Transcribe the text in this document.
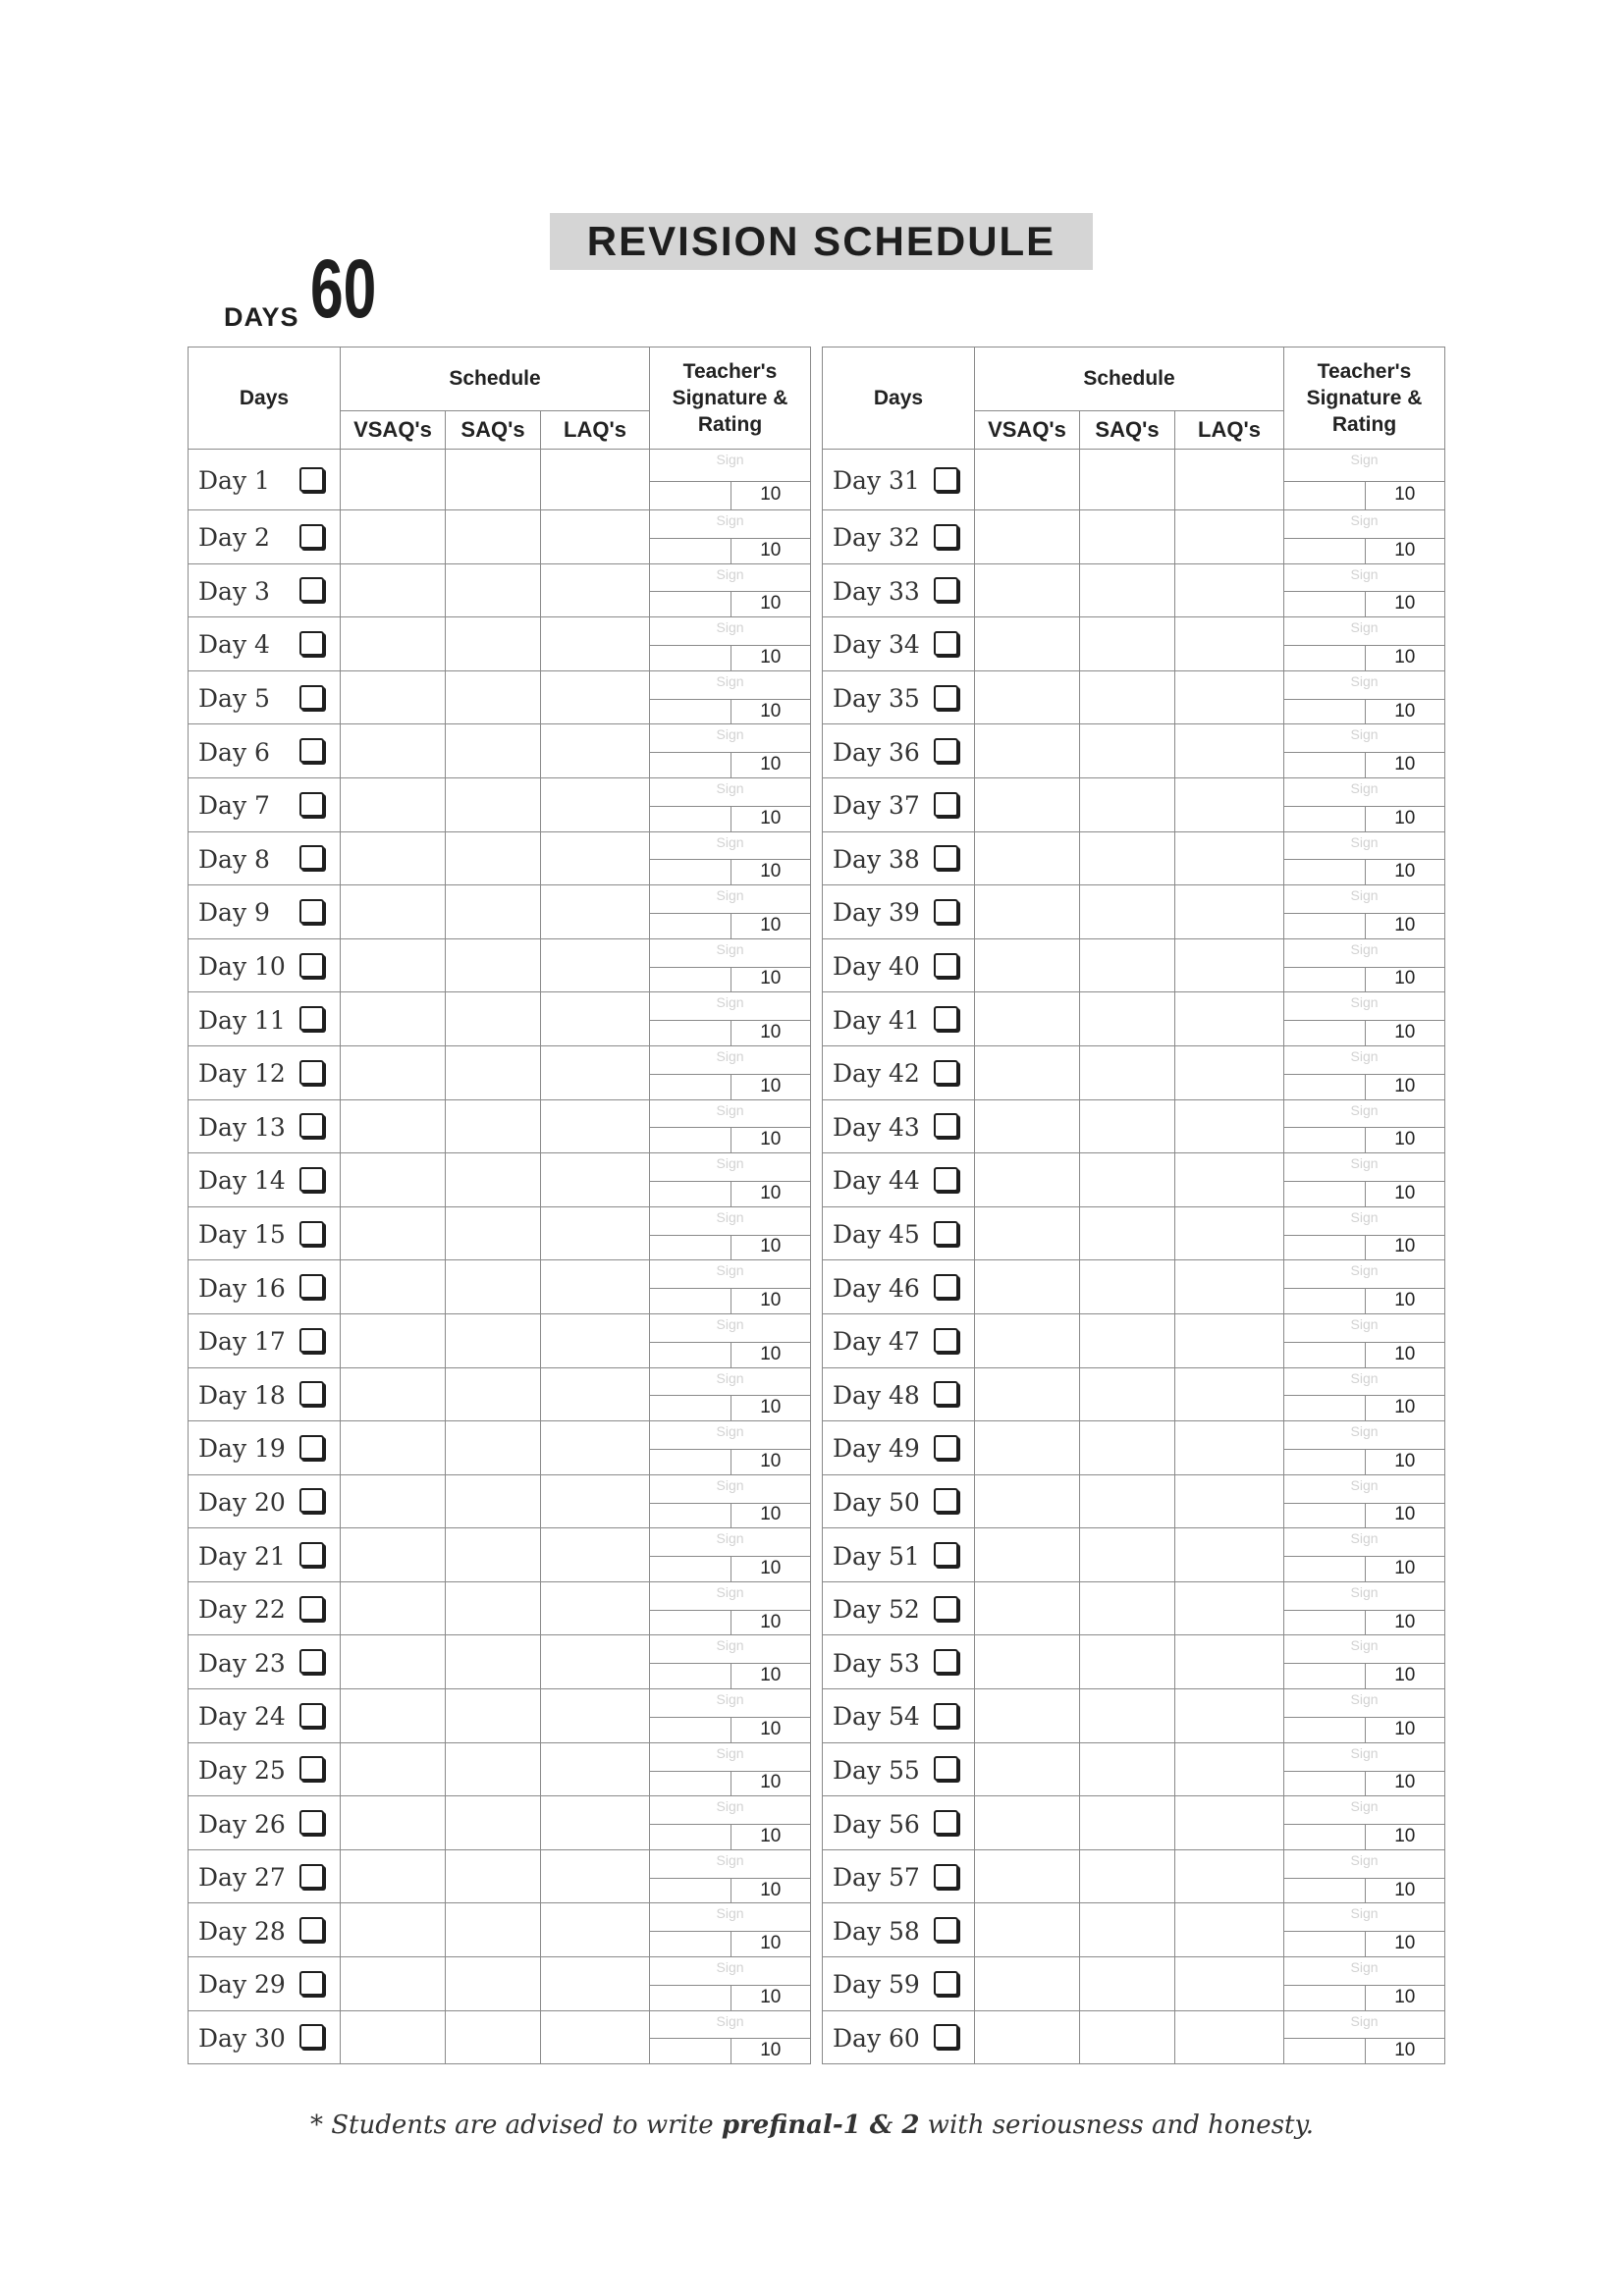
REVISION SCHEDULE
DAYS 60
Days	Schedule			Teacher's Signature & Rating
	VSAQ's	SAQ's	LAQ's	
Day 1				Sign
10

Day 2				Sign
10

Day 3				Sign
10

Day 4				Sign
10

Day 5				Sign
10

Day 6				Sign
10

Day 7				Sign
10

Day 8				Sign
10

Day 9				Sign
10

Day 10				Sign
10

Day 11				Sign
10

Day 12				Sign
10

Day 13				Sign
10

Day 14				Sign
10

Day 15				Sign
10

Day 16				Sign
10

Day 17				Sign
10

Day 18				Sign
10

Day 19				Sign
10

Day 20				Sign
10

Day 21				Sign
10

Day 22				Sign
10

Day 23				Sign
10

Day 24				Sign
10

Day 25				Sign
10

Day 26				Sign
10

Day 27				Sign
10

Day 28				Sign
10

Day 29				Sign
10

Day 30				Sign
10
Days	Schedule			Teacher's Signature & Rating
	VSAQ's	SAQ's	LAQ's	
Day 31				Sign
10

Day 32				Sign
10

Day 33				Sign
10

Day 34				Sign
10

Day 35				Sign
10

Day 36				Sign
10

Day 37				Sign
10

Day 38				Sign
10

Day 39				Sign
10

Day 40				Sign
10

Day 41				Sign
10

Day 42				Sign
10

Day 43				Sign
10

Day 44				Sign
10

Day 45				Sign
10

Day 46				Sign
10

Day 47				Sign
10

Day 48				Sign
10

Day 49				Sign
10

Day 50				Sign
10

Day 51				Sign
10

Day 52				Sign
10

Day 53				Sign
10

Day 54				Sign
10

Day 55				Sign
10

Day 56				Sign
10

Day 57				Sign
10

Day 58				Sign
10

Day 59				Sign
10

Day 60				Sign
10
* Students are advised to write prefinal-1 & 2 with seriousness and honesty.
